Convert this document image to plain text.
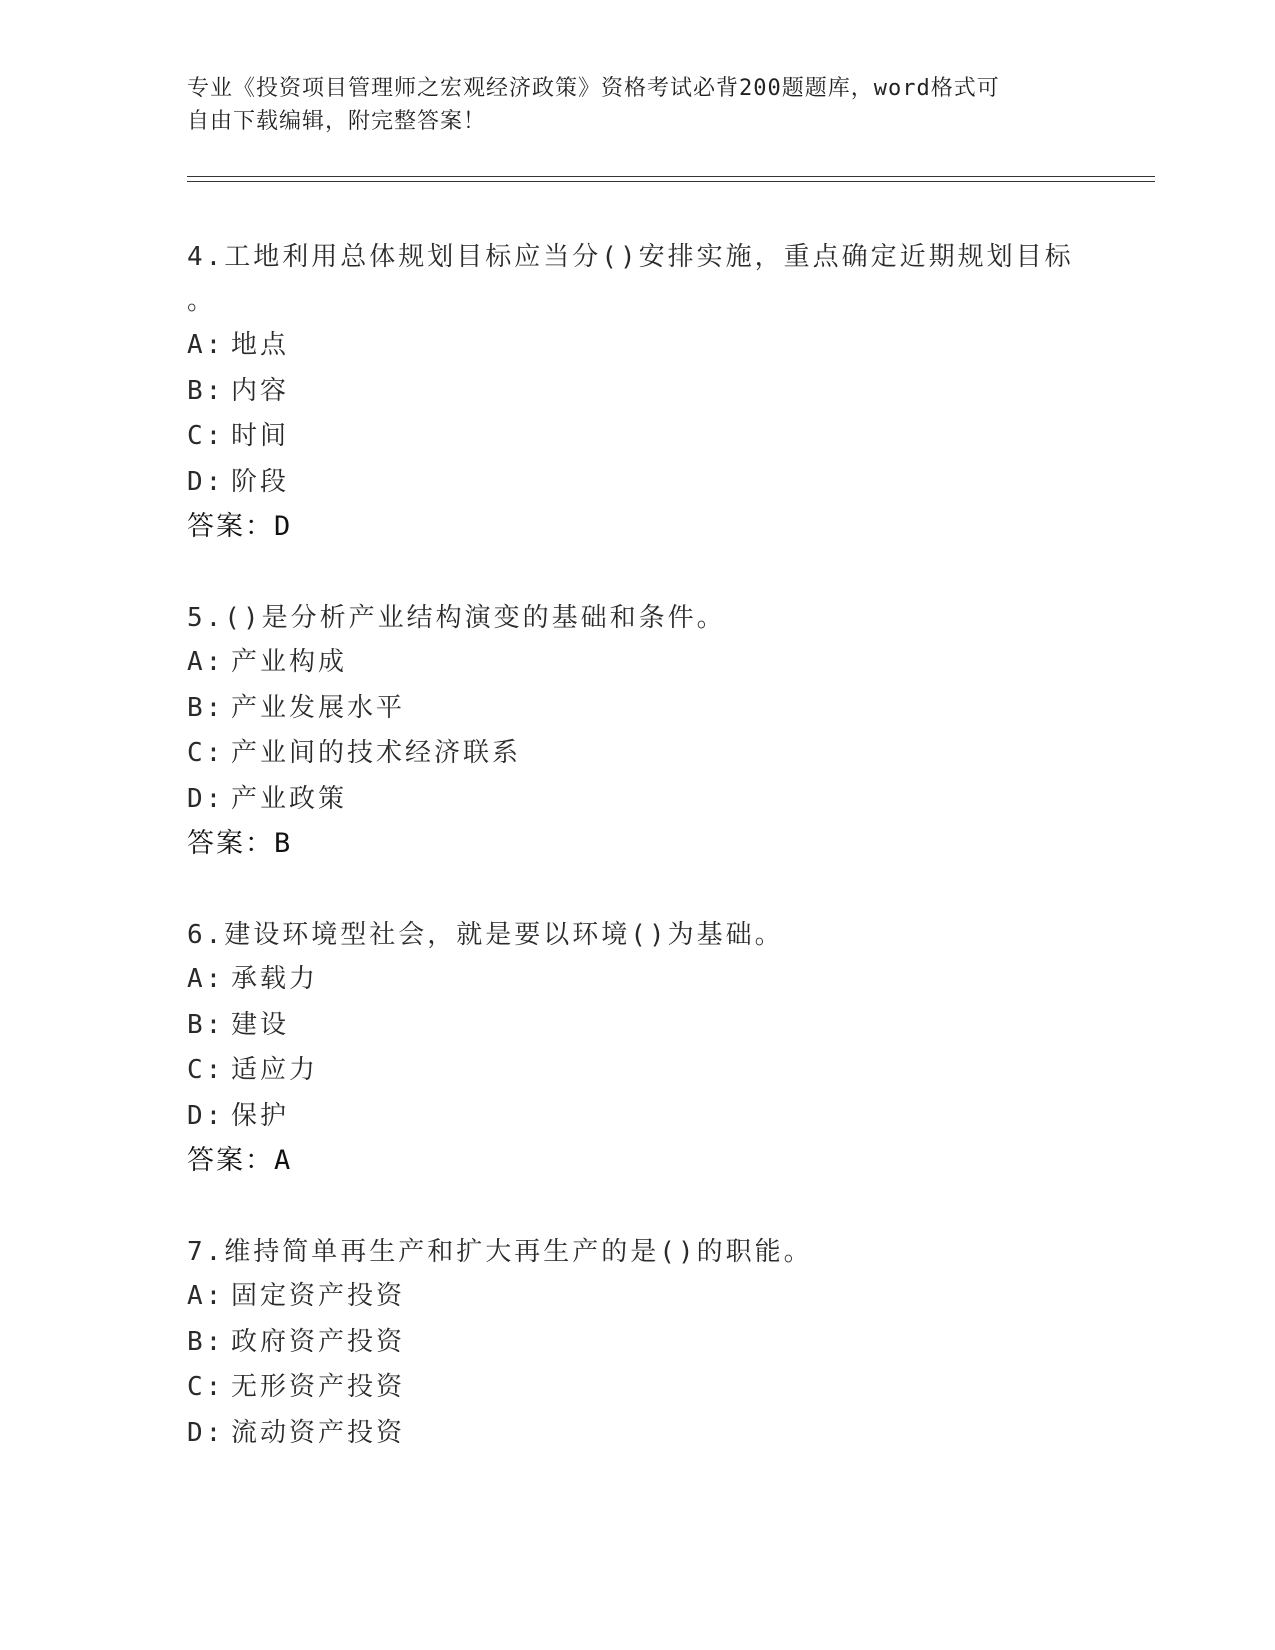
专业《投资项目管理师之宏观经济政策》资格考试必背200题题库，word格式可
自由下载编辑，附完整答案！

4.工地利用总体规划目标应当分()安排实施，重点确定近期规划目标
。

A: 地点

B: 内容

C: 时间

D: 阶段

答案：D

5.()是分析产业结构演变的基础和条件。

A: 产业构成

B: 产业发展水平

C: 产业间的技术经济联系

D: 产业政策

答案：B

6.建设环境型社会，就是要以环境()为基础。

A: 承载力

B: 建设

C: 适应力

D: 保护

答案：A

7.维持简单再生产和扩大再生产的是()的职能。

A: 固定资产投资

B: 政府资产投资

C: 无形资产投资

D: 流动资产投资
